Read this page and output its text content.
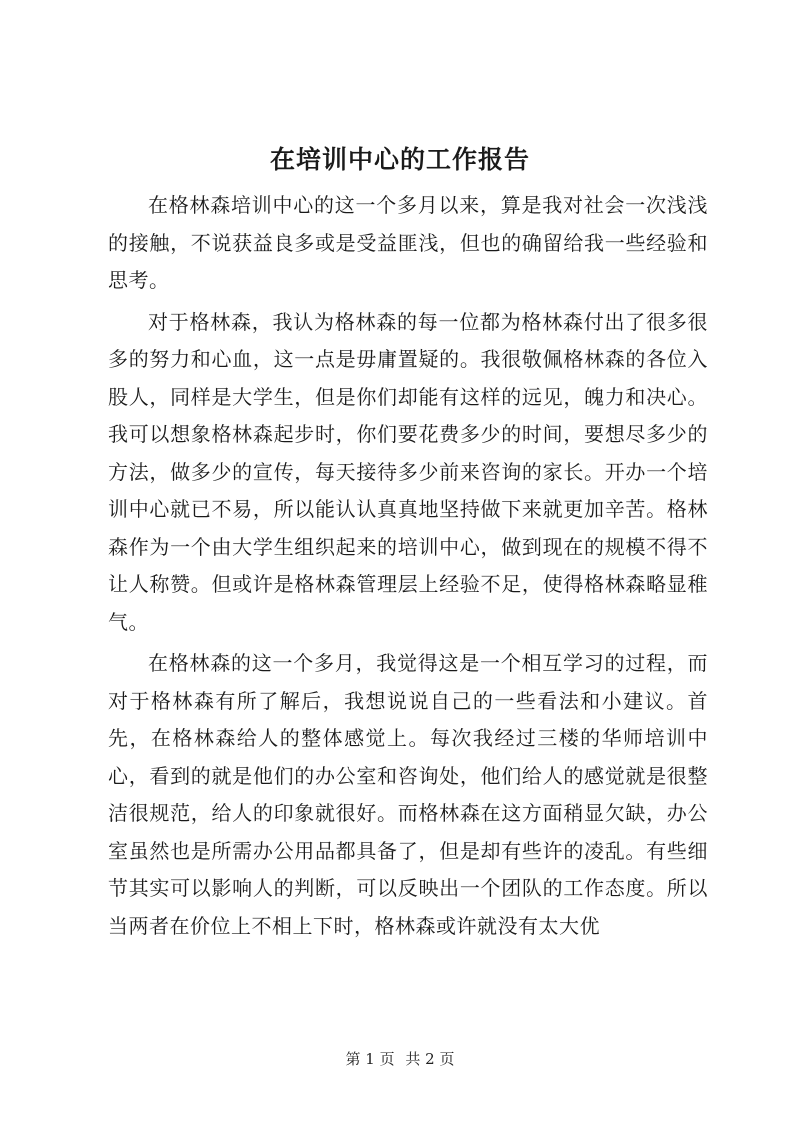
在培训中心的工作报告

在格林森培训中心的这一个多月以来，算是我对社会一次浅浅的接触，不说获益良多或是受益匪浅，但也的确留给我一些经验和思考。

对于格林森，我认为格林森的每一位都为格林森付出了很多很多的努力和心血，这一点是毋庸置疑的。我很敬佩格林森的各位入股人，同样是大学生，但是你们却能有这样的远见，魄力和决心。我可以想象格林森起步时，你们要花费多少的时间，要想尽多少的方法，做多少的宣传，每天接待多少前来咨询的家长。开办一个培训中心就已不易，所以能认认真真地坚持做下来就更加辛苦。格林森作为一个由大学生组织起来的培训中心，做到现在的规模不得不让人称赞。但或许是格林森管理层上经验不足，使得格林森略显稚气。

在格林森的这一个多月，我觉得这是一个相互学习的过程，而对于格林森有所了解后，我想说说自己的一些看法和小建议。首先，在格林森给人的整体感觉上。每次我经过三楼的华师培训中心，看到的就是他们的办公室和咨询处，他们给人的感觉就是很整洁很规范，给人的印象就很好。而格林森在这方面稍显欠缺，办公室虽然也是所需办公用品都具备了，但是却有些许的凌乱。有些细节其实可以影响人的判断，可以反映出一个团队的工作态度。所以当两者在价位上不相上下时，格林森或许就没有太大优

第 1 页 共 2 页
